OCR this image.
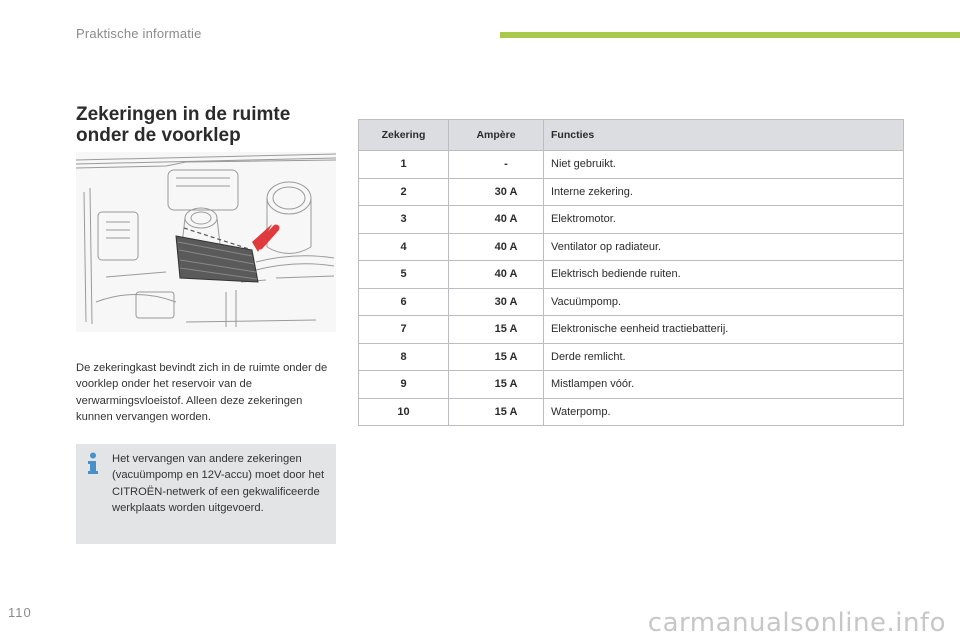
Praktische informatie
Zekeringen in de ruimte
onder de voorklep

De zekeringkast bevindt zich in de ruimte onder de voorklep onder het reservoir van de verwarmingsvloeistof. Alleen deze zekeringen kunnen vervangen worden.

Het vervangen van andere zekeringen (vacuümpomp en 12V-accu) moet door het CITROËN-netwerk of een gekwalificeerde werkplaats worden uitgevoerd.

Zekering	Ampère	Functies
1	-	Niet gebruikt.
2	30 A	Interne zekering.
3	40 A	Elektromotor.
4	40 A	Ventilator op radiateur.
5	40 A	Elektrisch bediende ruiten.
6	30 A	Vacuümpomp.
7	15 A	Elektronische eenheid tractiebatterij.
8	15 A	Derde remlicht.
9	15 A	Mistlampen vóór.
10	15 A	Waterpomp.
110	carmanualsonline.info
